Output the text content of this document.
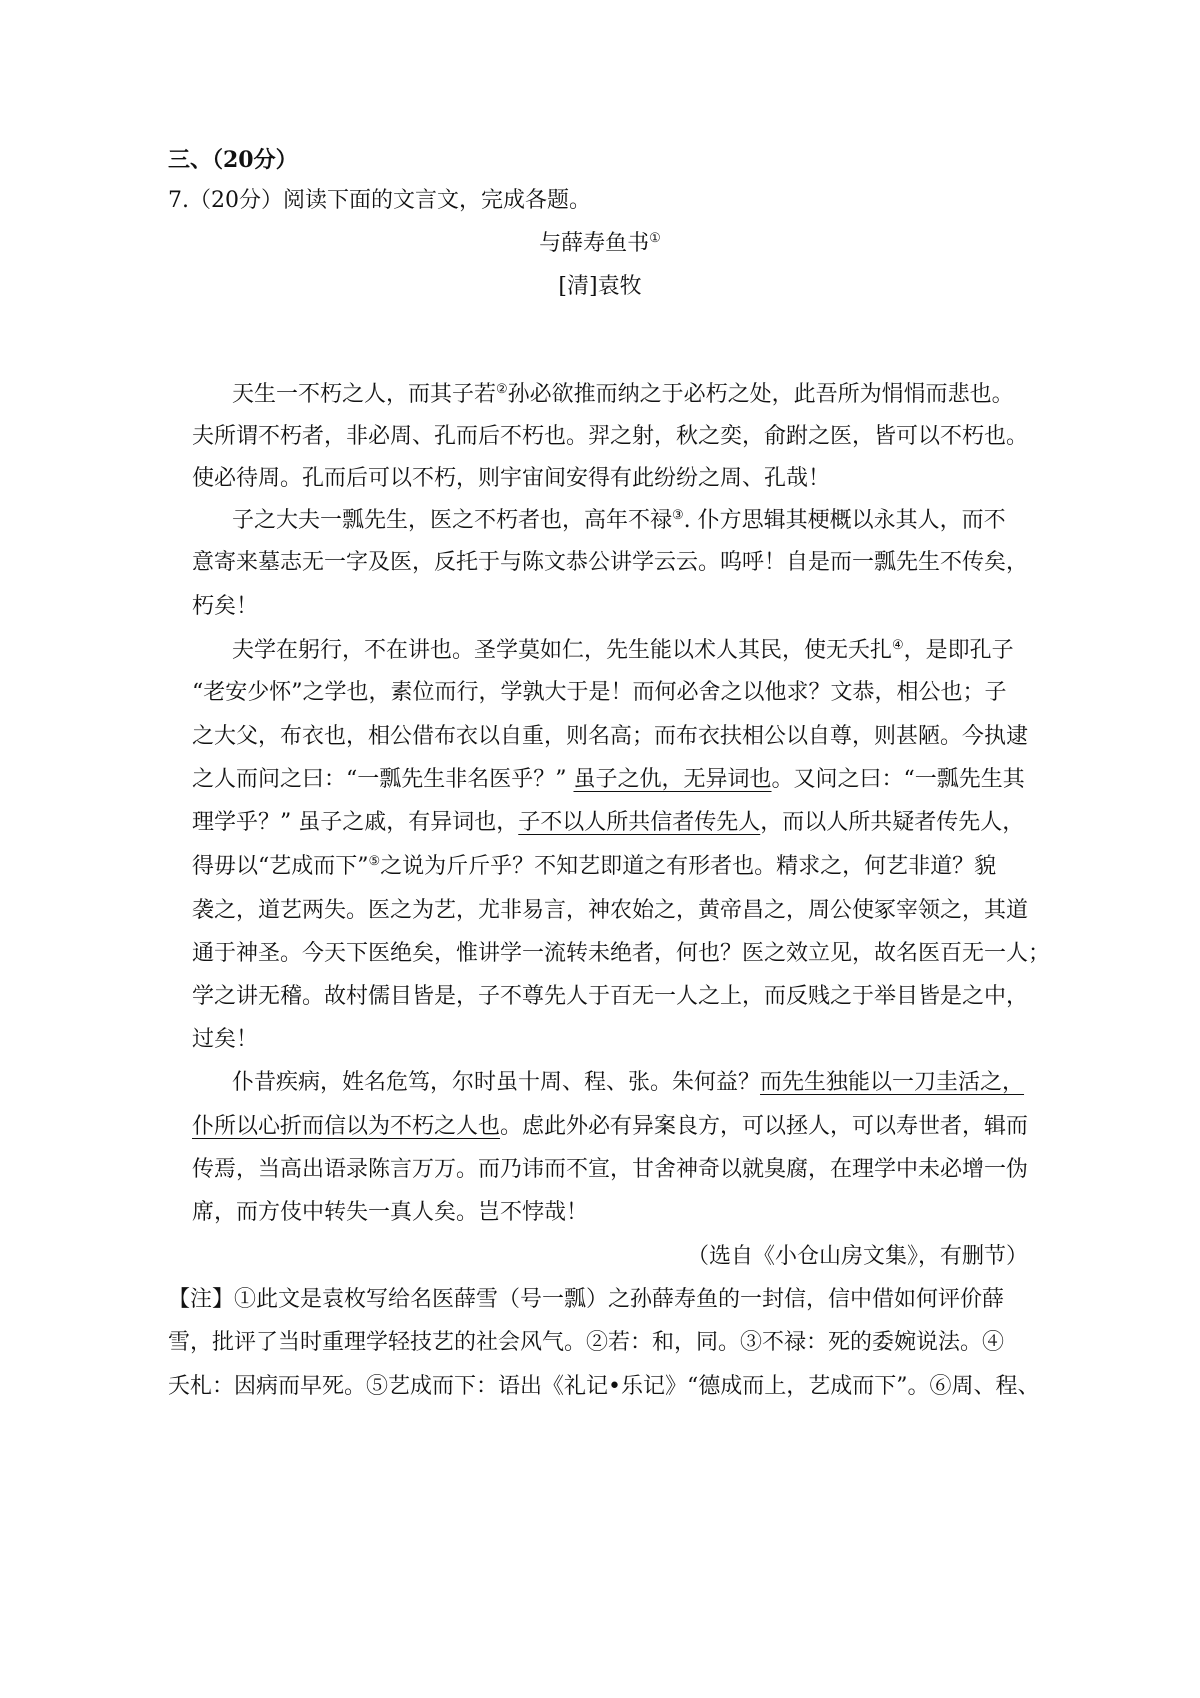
三、（20分）
7.（20分）阅读下面的文言文，完成各题。
与薛寿鱼书①
[清]袁牧
天生一不朽之人，而其子若②孙必欲推而纳之于必朽之处，此吾所为悁悁而悲也。
夫所谓不朽者，非必周、孔而后不朽也。羿之射，秋之奕，俞跗之医，皆可以不朽也。
使必待周。孔而后可以不朽，则宇宙间安得有此纷纷之周、孔哉！
子之大夫一瓢先生，医之不朽者也，高年不禄③. 仆方思辑其梗概以永其人，而不
意寄来墓志无一字及医，反托于与陈文恭公讲学云云。呜呼！自是而一瓢先生不传矣，
朽矣！
夫学在躬行，不在讲也。圣学莫如仁，先生能以术人其民，使无夭扎④，是即孔子
“老安少怀”之学也，素位而行，学孰大于是！而何必舍之以他求？文恭，相公也；子
之大父，布衣也，相公借布衣以自重，则名高；而布衣扶相公以自尊，则甚陋。今执逮
之人而问之曰：“一瓢先生非名医乎？” 虽子之仇，无异词也。又问之曰：“一瓢先生其
理学乎？” 虽子之戚，有异词也，子不以人所共信者传先人，而以人所共疑者传先人，
得毋以“艺成而下”⑤之说为斤斤乎？不知艺即道之有形者也。精求之，何艺非道？貌
袭之，道艺两失。医之为艺，尤非易言，神农始之，黄帝昌之，周公使冢宰领之，其道
通于神圣。今天下医绝矣，惟讲学一流转未绝者，何也？医之效立见，故名医百无一人；
学之讲无稽。故村儒目皆是，子不尊先人于百无一人之上，而反贱之于举目皆是之中，
过矣！
仆昔疾病，姓名危笃，尔时虽十周、程、张。朱何益？而先生独能以一刀圭活之，
仆所以心折而信以为不朽之人也。虑此外必有异案良方，可以拯人，可以寿世者，辑而
传焉，当高出语录陈言万万。而乃讳而不宣，甘舍神奇以就臭腐，在理学中未必增一伪
席，而方伎中转失一真人矣。岂不悖哉！
（选自《小仓山房文集》，有删节）
【注】①此文是袁枚写给名医薛雪（号一瓢）之孙薛寿鱼的一封信，信中借如何评价薛
雪，批评了当时重理学轻技艺的社会风气。②若：和，同。③不禄：死的委婉说法。④
夭札：因病而早死。⑤艺成而下：语出《礼记•乐记》“德成而上，艺成而下”。⑥周、程、
